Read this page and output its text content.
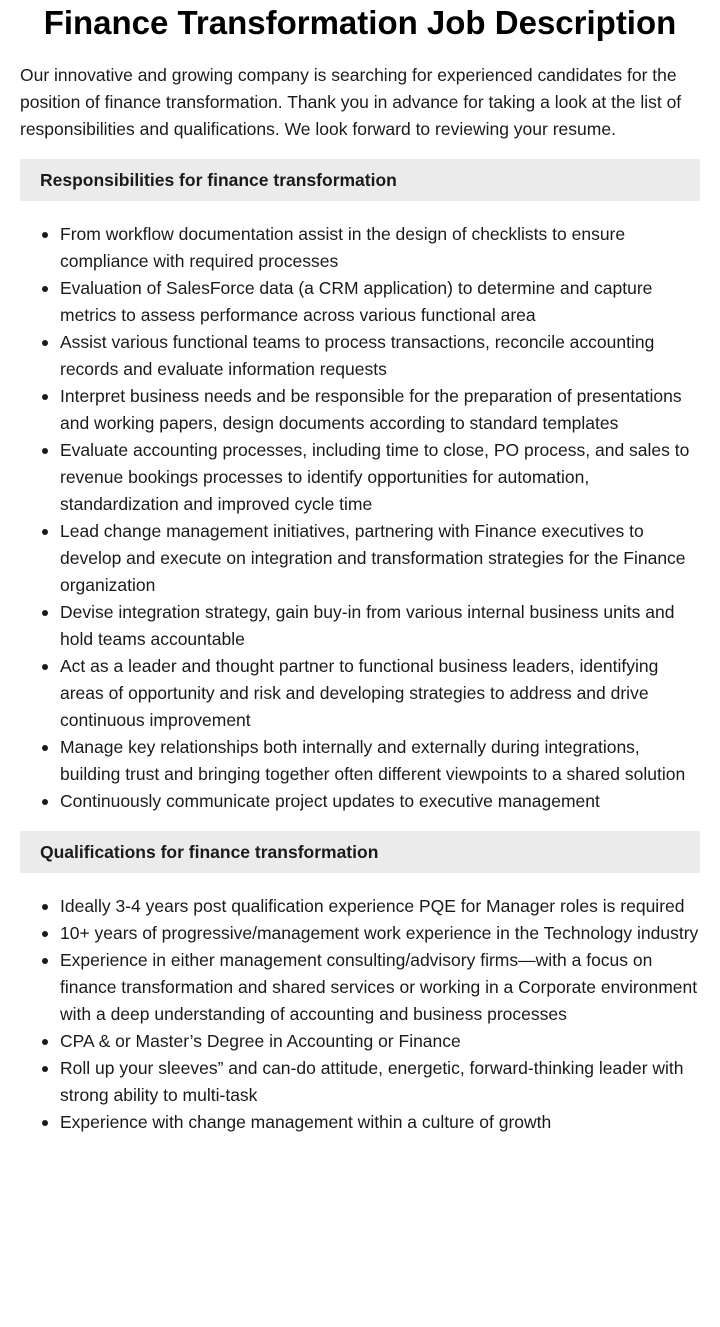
Finance Transformation Job Description

Our innovative and growing company is searching for experienced candidates for the position of finance transformation. Thank you in advance for taking a look at the list of responsibilities and qualifications. We look forward to reviewing your resume.

Responsibilities for finance transformation
From workflow documentation assist in the design of checklists to ensure compliance with required processes
Evaluation of SalesForce data (a CRM application) to determine and capture metrics to assess performance across various functional area
Assist various functional teams to process transactions, reconcile accounting records and evaluate information requests
Interpret business needs and be responsible for the preparation of presentations and working papers, design documents according to standard templates
Evaluate accounting processes, including time to close, PO process, and sales to revenue bookings processes to identify opportunities for automation, standardization and improved cycle time
Lead change management initiatives, partnering with Finance executives to develop and execute on integration and transformation strategies for the Finance organization
Devise integration strategy, gain buy-in from various internal business units and hold teams accountable
Act as a leader and thought partner to functional business leaders, identifying areas of opportunity and risk and developing strategies to address and drive continuous improvement
Manage key relationships both internally and externally during integrations, building trust and bringing together often different viewpoints to a shared solution
Continuously communicate project updates to executive management
Qualifications for finance transformation
Ideally 3-4 years post qualification experience PQE for Manager roles is required
10+ years of progressive/management work experience in the Technology industry
Experience in either management consulting/advisory firms—with a focus on finance transformation and shared services or working in a Corporate environment with a deep understanding of accounting and business processes
CPA & or Master’s Degree in Accounting or Finance
Roll up your sleeves” and can-do attitude, energetic, forward-thinking leader with strong ability to multi-task
Experience with change management within a culture of growth
